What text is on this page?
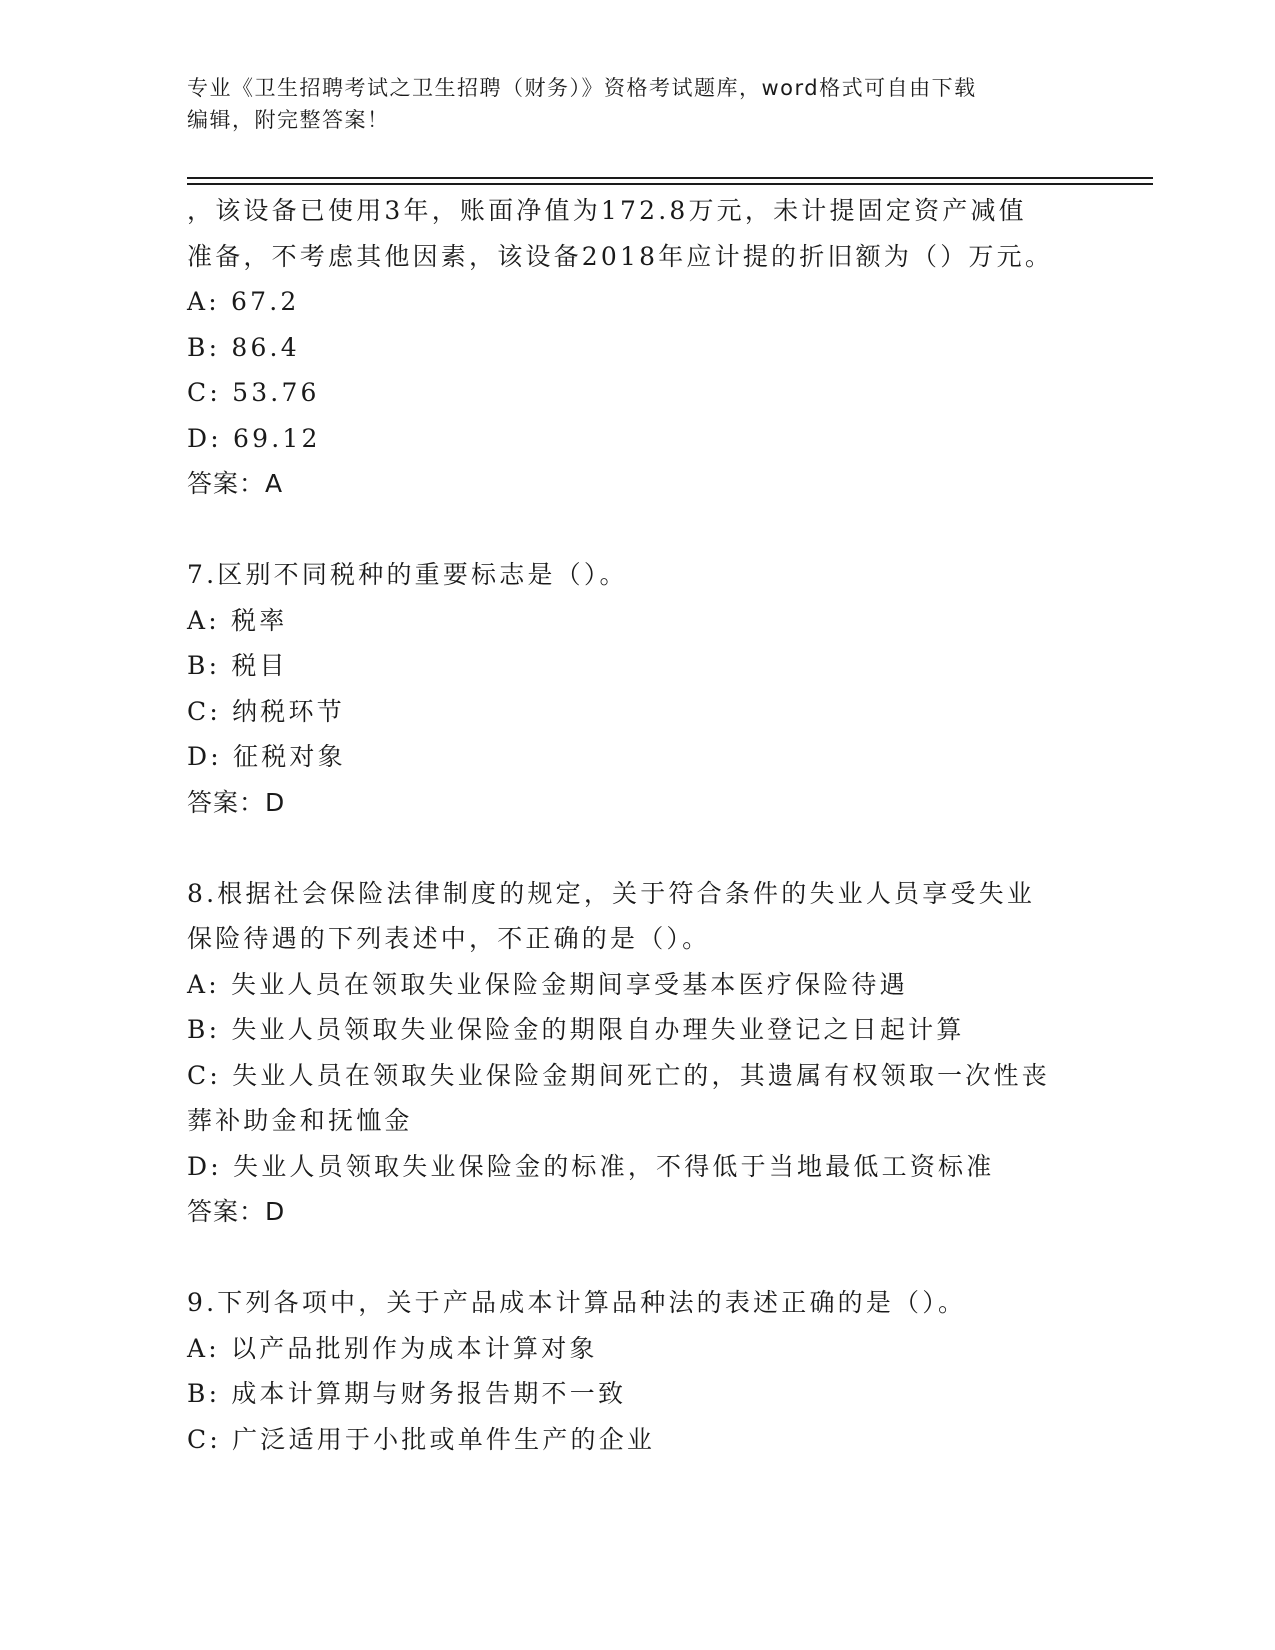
专业《卫生招聘考试之卫生招聘（财务）》资格考试题库，word格式可自由下载
编辑，附完整答案！
，该设备已使用3年，账面净值为172.8万元，未计提固定资产减值
准备，不考虑其他因素，该设备2018年应计提的折旧额为（）万元。
A: 67.2
B: 86.4
C: 53.76
D: 69.12
答案：A
7.区别不同税种的重要标志是（）。
A: 税率
B: 税目
C: 纳税环节
D: 征税对象
答案：D
8.根据社会保险法律制度的规定，关于符合条件的失业人员享受失业
保险待遇的下列表述中，不正确的是（）。
A: 失业人员在领取失业保险金期间享受基本医疗保险待遇
B: 失业人员领取失业保险金的期限自办理失业登记之日起计算
C: 失业人员在领取失业保险金期间死亡的，其遗属有权领取一次性丧
葬补助金和抚恤金
D: 失业人员领取失业保险金的标准，不得低于当地最低工资标准
答案：D
9.下列各项中，关于产品成本计算品种法的表述正确的是（）。
A: 以产品批别作为成本计算对象
B: 成本计算期与财务报告期不一致
C: 广泛适用于小批或单件生产的企业
